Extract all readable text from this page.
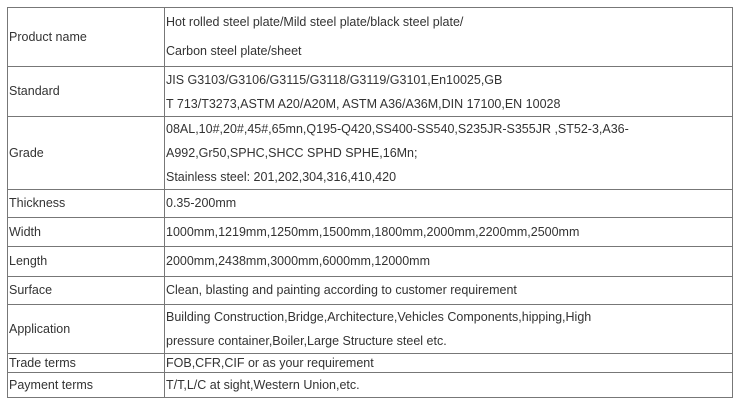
Product name	Hot rolled steel plate/Mild steel plate/black steel plate/
Carbon steel plate/sheet

Standard	JIS G3103/G3106/G3115/G3118/G3119/G3101,En10025,GB
T 713/T3273,ASTM A20/A20M, ASTM A36/A36M,DIN 17100,EN 10028

Grade	08AL,10#,20#,45#,65mn,Q195-Q420,SS400-SS540,S235JR-S355JR ,ST52-3,A36-
A992,Gr50,SPHC,SHCC SPHD SPHE,16Mn;
Stainless steel: 201,202,304,316,410,420

Thickness	0.35-200mm

Width	1000mm,1219mm,1250mm,1500mm,1800mm,2000mm,2200mm,2500mm

Length	2000mm,2438mm,3000mm,6000mm,12000mm

Surface	Clean, blasting and painting according to customer requirement

Application	Building Construction,Bridge,Architecture,Vehicles Components,hipping,High
pressure container,Boiler,Large Structure steel etc.

Trade terms	FOB,CFR,CIF or as your requirement

Payment terms	T/T,L/C at sight,Western Union,etc.
